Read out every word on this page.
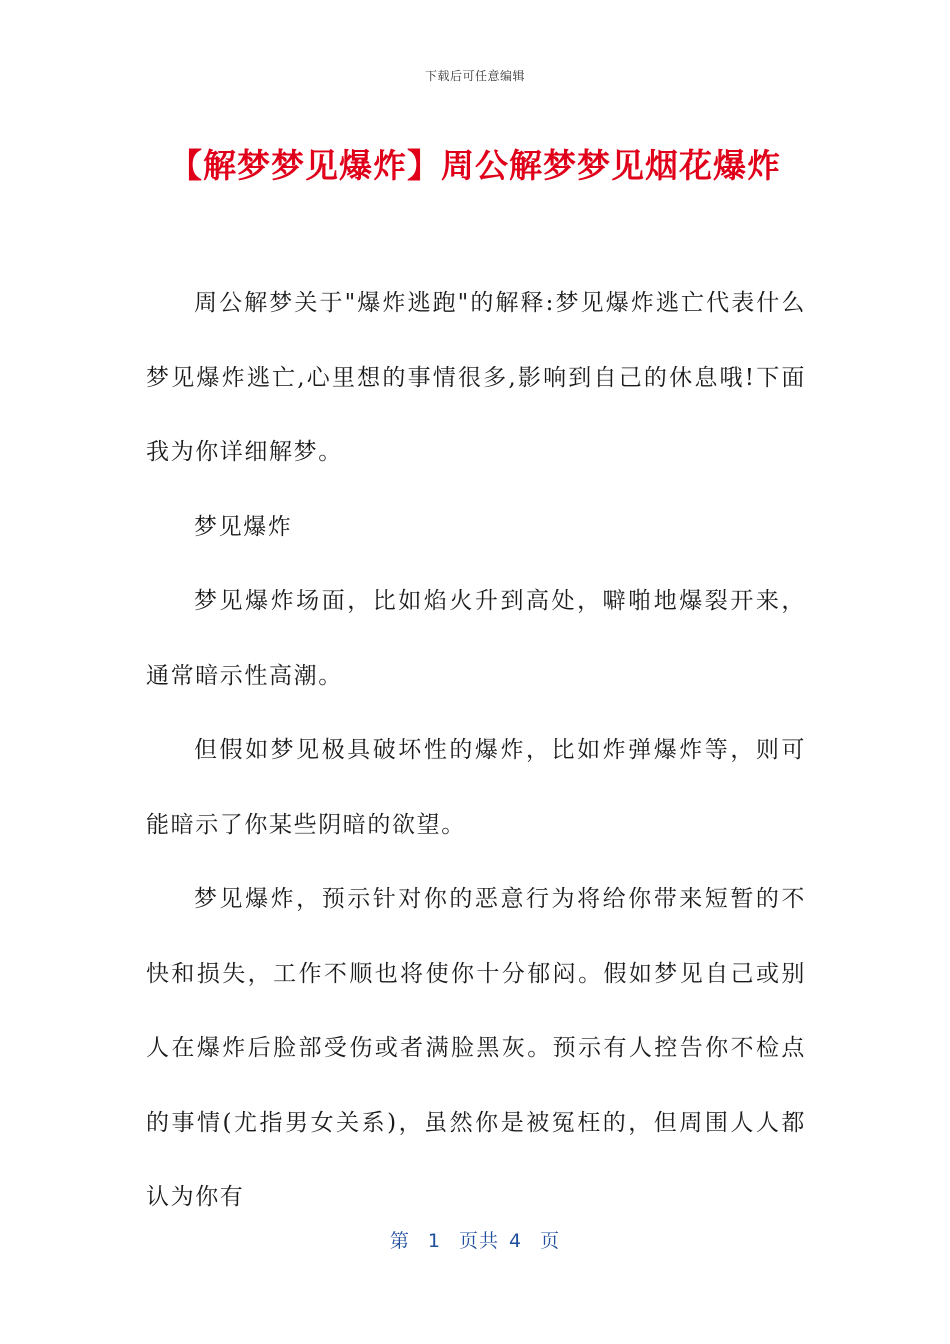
下载后可任意编辑
【解梦梦见爆炸】周公解梦梦见烟花爆炸

周公解梦关于"爆炸逃跑"的解释:梦见爆炸逃亡代表什么梦见爆炸逃亡,心里想的事情很多,影响到自己的休息哦!下面我为你详细解梦。

梦见爆炸

梦见爆炸场面，比如焰火升到高处，噼啪地爆裂开来，通常暗示性高潮。

但假如梦见极具破坏性的爆炸，比如炸弹爆炸等，则可能暗示了你某些阴暗的欲望。

梦见爆炸，预示针对你的恶意行为将给你带来短暂的不快和损失，工作不顺也将使你十分郁闷。假如梦见自己或别人在爆炸后脸部受伤或者满脸黑灰。预示有人控告你不检点的事情(尤指男女关系)，虽然你是被冤枉的，但周围人人都认为你有

第 1 页共 4 页
